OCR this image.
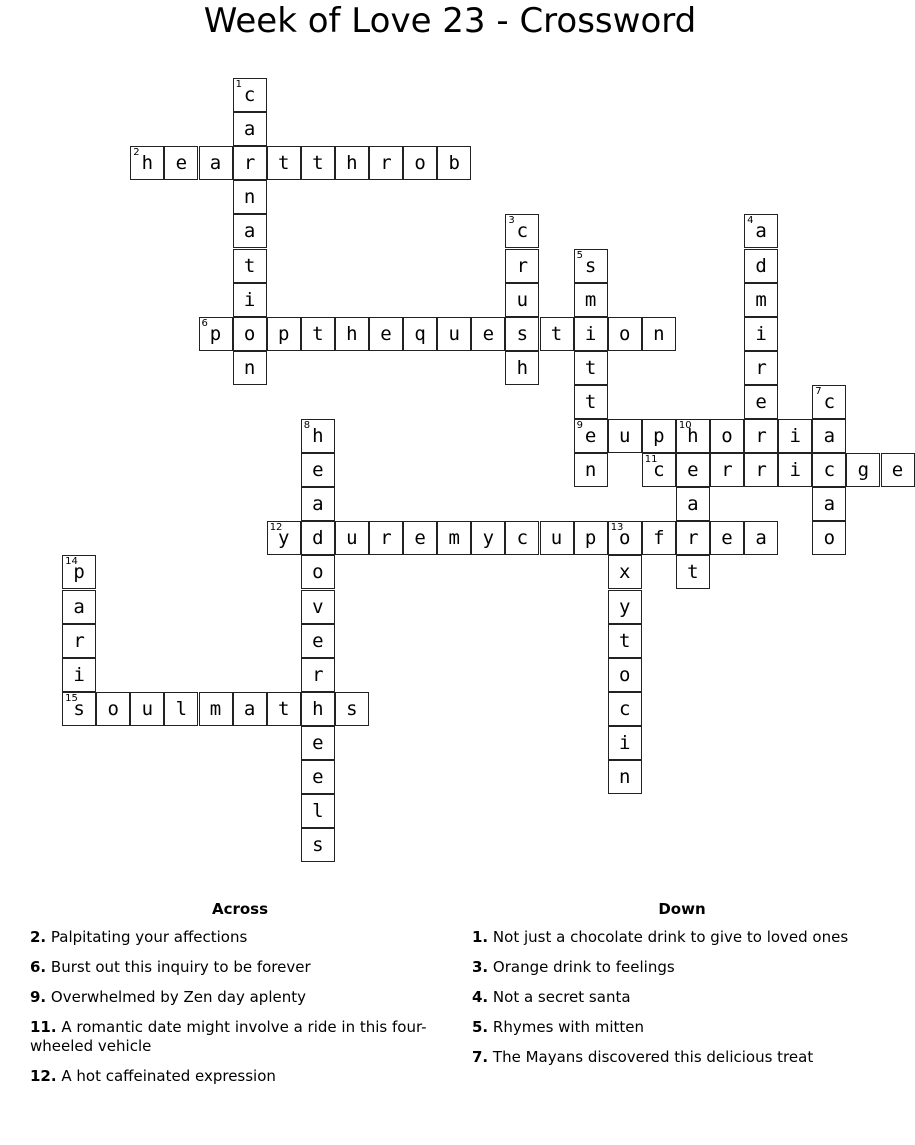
Week of Love 23 - Crossword
1 c
a
r
n
a
t
i
o
n
2 h	e	a	t	t	h	r	o	b
3 c
r
u
s
h
4 a
d
m
i
r
e
r
5 s
m
i
t
t
9 e
n
6 p	p	t	h	e	q	u	e	t	o	n
7 c
a
c
a
o
8 h
e
a
d
o
v
e
r
h
e
e
l
s
u	p	10
h	o	i
e
a
r
t
11
c	r	r	i	g	e
12
y	u	r	e	m	y	c	u	p	13
o	f	e	a
x
y
t
o
c
i
n
14
p
a
r
i
15
s	o	u	l	m	a	t	s
Across
2. Palpitating your affections
6. Burst out this inquiry to be forever
9. Overwhelmed by Zen day aplenty
11. A romantic date might involve a ride in this four-wheeled vehicle
12. A hot caffeinated expression
Down
1. Not just a chocolate drink to give to loved ones
3. Orange drink to feelings
4. Not a secret santa
5. Rhymes with mitten
7. The Mayans discovered this delicious treat
